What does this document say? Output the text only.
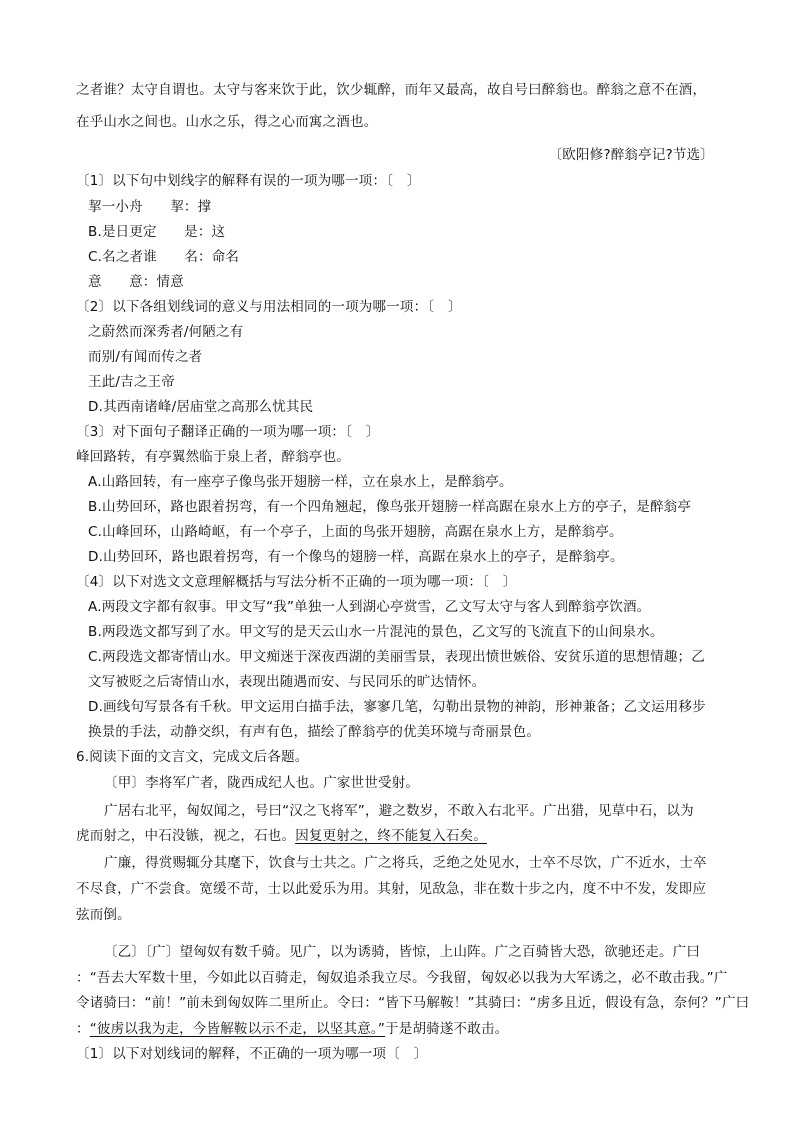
之者谁？太守自谓也。太守与客来饮于此，饮少辄醉，而年又最高，故自号曰醉翁也。醉翁之意不在酒，
在乎山水之间也。山水之乐，得之心而寓之酒也。
〔欧阳修?醉翁亭记?节选〕
〔1〕以下句中划线字的解释有误的一项为哪一项：〔　〕
挈一小舟　　挈：撑
B.是日更定　　是：这
C.名之者谁　　名：命名
意　　意：情意
〔2〕以下各组划线词的意义与用法相同的一项为哪一项：〔　〕
之蔚然而深秀者/何陋之有
而别/有闻而传之者
王此/吉之王帝
D.其西南诸峰/居庙堂之高那么忧其民
〔3〕对下面句子翻译正确的一项为哪一项：〔　〕
峰回路转，有亭翼然临于泉上者，醉翁亭也。
A.山路回转，有一座亭子像鸟张开翅膀一样，立在泉水上，是醉翁亭。
B.山势回环，路也跟着拐弯，有一个四角翘起，像鸟张开翅膀一样高踞在泉水上方的亭子，是醉翁亭
C.山峰回环，山路崎岖，有一个亭子，上面的鸟张开翅膀，高踞在泉水上方，是醉翁亭。
D.山势回环，路也跟着拐弯，有一个像鸟的翅膀一样，高踞在泉水上的亭子，是醉翁亭。
〔4〕以下对选文文意理解概括与写法分析不正确的一项为哪一项：〔　〕
A.两段文字都有叙事。甲文写“我”单独一人到湖心亭赏雪，乙文写太守与客人到醉翁亭饮酒。
B.两段选文都写到了水。甲文写的是天云山水一片混沌的景色，乙文写的飞流直下的山间泉水。
C.两段选文都寄情山水。甲文痴迷于深夜西湖的美丽雪景，表现出愤世嫉俗、安贫乐道的思想情趣；乙
文写被贬之后寄情山水，表现出随遇而安、与民同乐的旷达情怀。
D.画线句写景各有千秋。甲文运用白描手法，寥寥几笔，勾勒出景物的神韵，形神兼备；乙文运用移步
换景的手法，动静交织，有声有色，描绘了醉翁亭的优美环境与奇丽景色。
6.阅读下面的文言文，完成文后各题。
〔甲〕李将军广者，陇西成纪人也。广家世世受射。
广居右北平，匈奴闻之，号曰“汉之飞将军”，避之数岁，不敢入右北平。广出猎，见草中石，以为
虎而射之，中石没镞，视之，石也。因复更射之，终不能复入石矣。
广廉，得赏赐辄分其麾下，饮食与士共之。广之将兵，乏绝之处见水，士卒不尽饮，广不近水，士卒
不尽食，广不尝食。宽缓不苛，士以此爱乐为用。其射，见敌急，非在数十步之内，度不中不发，发即应
弦而倒。
〔乙〕〔广〕望匈奴有数千骑。见广，以为诱骑，皆惊，上山阵。广之百骑皆大恐，欲驰还走。广曰
：“吾去大军数十里，今如此以百骑走，匈奴追杀我立尽。今我留，匈奴必以我为大军诱之，必不敢击我。”广
令诸骑曰：“前！”前未到匈奴阵二里所止。令曰：“皆下马解鞍！”其骑曰：“虏多且近，假设有急，奈何？”广曰
：“彼虏以我为走，今皆解鞍以示不走，以坚其意。”于是胡骑遂不敢击。
〔1〕以下对划线词的解释，不正确的一项为哪一项〔　〕
